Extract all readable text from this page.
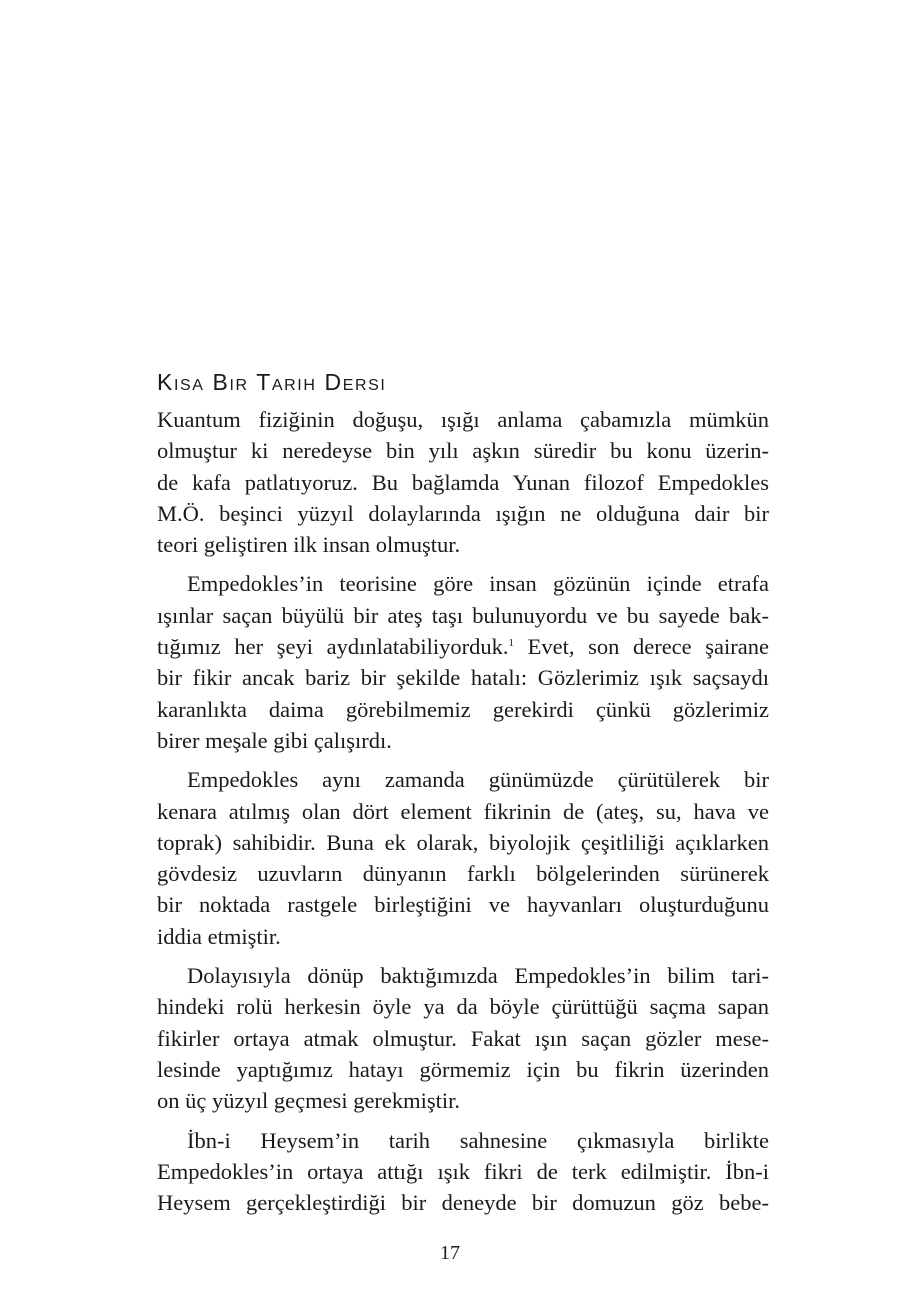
Kısa Bir Tarih Dersi

Kuantum fiziğinin doğuşu, ışığı anlama çabamızla mümkün
olmuştur ki neredeyse bin yılı aşkın süredir bu konu üzerin-
de kafa patlatıyoruz. Bu bağlamda Yunan filozof Empedokles
M.Ö. beşinci yüzyıl dolaylarında ışığın ne olduğuna dair bir
teori geliştiren ilk insan olmuştur.

Empedokles’in teorisine göre insan gözünün içinde etrafa
ışınlar saçan büyülü bir ateş taşı bulunuyordu ve bu sayede bak-
tığımız her şeyi aydınlatabiliyorduk.$^1$ Evet, son derece şairane
bir fikir ancak bariz bir şekilde hatalı: Gözlerimiz ışık saçsaydı
karanlıkta daima görebilmemiz gerekirdi çünkü gözlerimiz
birer meşale gibi çalışırdı.

Empedokles aynı zamanda günümüzde çürütülerek bir
kenara atılmış olan dört element fikrinin de (ateş, su, hava ve
toprak) sahibidir. Buna ek olarak, biyolojik çeşitliliği açıklarken
gövdesiz uzuvların dünyanın farklı bölgelerinden sürünerek
bir noktada rastgele birleştiğini ve hayvanları oluşturduğunu
iddia etmiştir.

Dolayısıyla dönüp baktığımızda Empedokles’in bilim tari-
hindeki rolü herkesin öyle ya da böyle çürüttüğü saçma sapan
fikirler ortaya atmak olmuştur. Fakat ışın saçan gözler mese-
lesinde yaptığımız hatayı görmemiz için bu fikrin üzerinden
on üç yüzyıl geçmesi gerekmiştir.

İbn-i Heysem’in tarih sahnesine çıkmasıyla birlikte
Empedokles’in ortaya attığı ışık fikri de terk edilmiştir. İbn-i
Heysem gerçekleştirdiği bir deneyde bir domuzun göz bebe-

17
